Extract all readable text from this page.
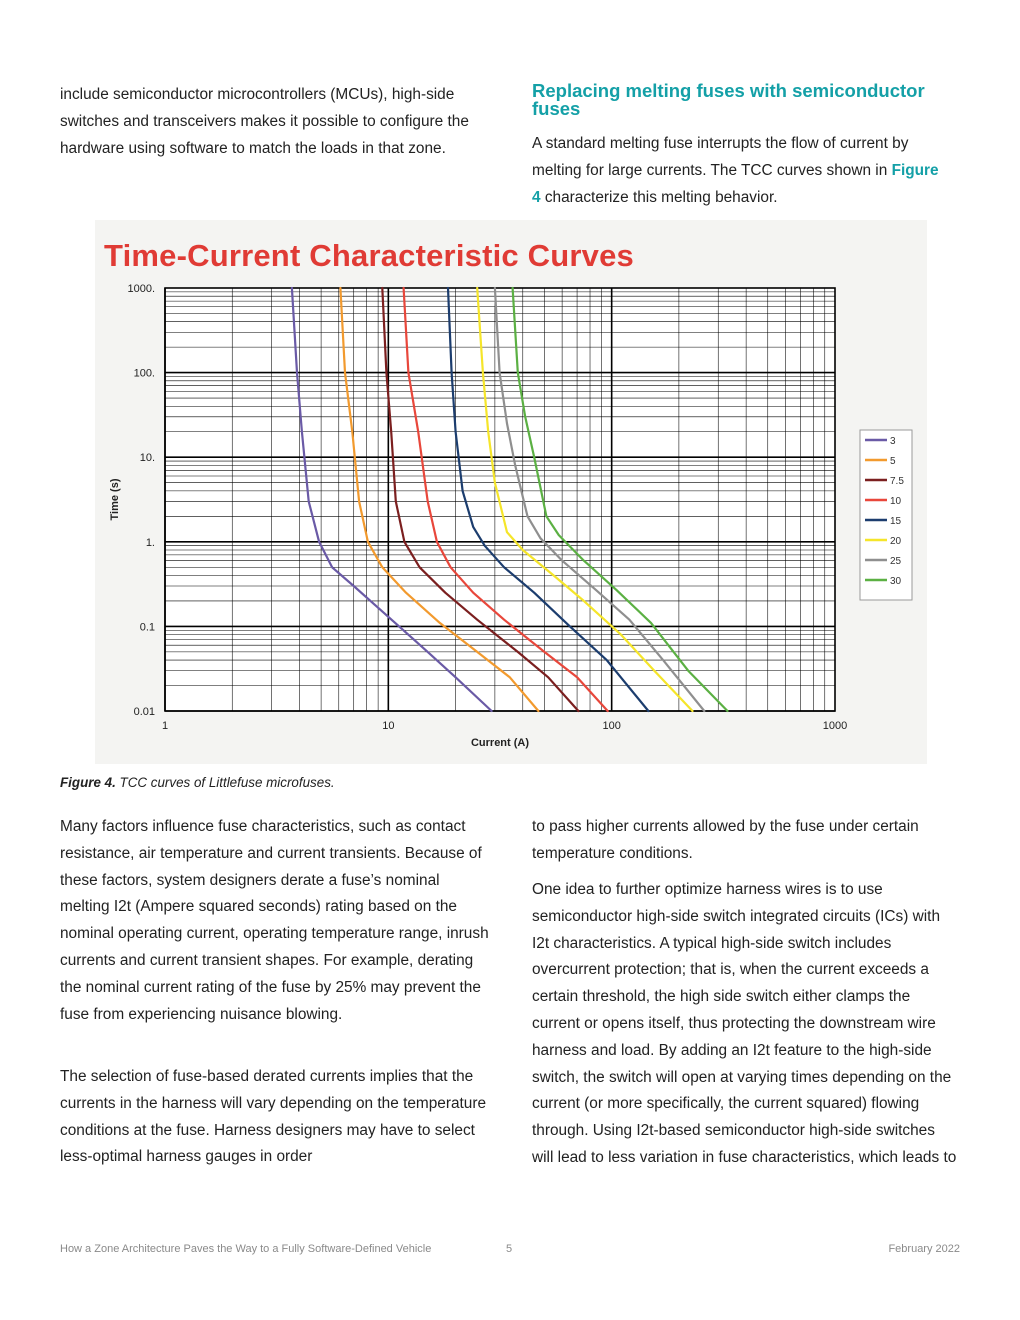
include semiconductor microcontrollers (MCUs), high-side switches and transceivers makes it possible to configure the hardware using software to match the loads in that zone.

Replacing melting fuses with semiconductor fuses

A standard melting fuse interrupts the flow of current by melting for large currents. The TCC curves shown in Figure 4 characterize this melting behavior.

Time-Current Characteristic Curves
1	10	100	1000
0.01
0.1
1.
10.
100.
1000.
Current (A)
Time (s)
3
5
7.5
10
15
20
25
30

Figure 4. TCC curves of Littlefuse microfuses.

Many factors influence fuse characteristics, such as contact resistance, air temperature and current transients. Because of these factors, system designers derate a fuse’s nominal melting I2t (Ampere squared seconds) rating based on the nominal operating current, operating temperature range, inrush currents and current transient shapes. For example, derating the nominal current rating of the fuse by 25% may prevent the fuse from experiencing nuisance blowing.

The selection of fuse-based derated currents implies that the currents in the harness will vary depending on the temperature conditions at the fuse. Harness designers may have to select less-optimal harness gauges in order

to pass higher currents allowed by the fuse under certain temperature conditions.

One idea to further optimize harness wires is to use semiconductor high-side switch integrated circuits (ICs) with I2t characteristics. A typical high-side switch includes overcurrent protection; that is, when the current exceeds a certain threshold, the high side switch either clamps the current or opens itself, thus protecting the downstream wire harness and load. By adding an I2t feature to the high-side switch, the switch will open at varying times depending on the current (or more specifically, the current squared) flowing through. Using I2t-based semiconductor high-side switches will lead to less variation in fuse characteristics, which leads to

How a Zone Architecture Paves the Way to a Fully Software-Defined Vehicle	5	February 2022
